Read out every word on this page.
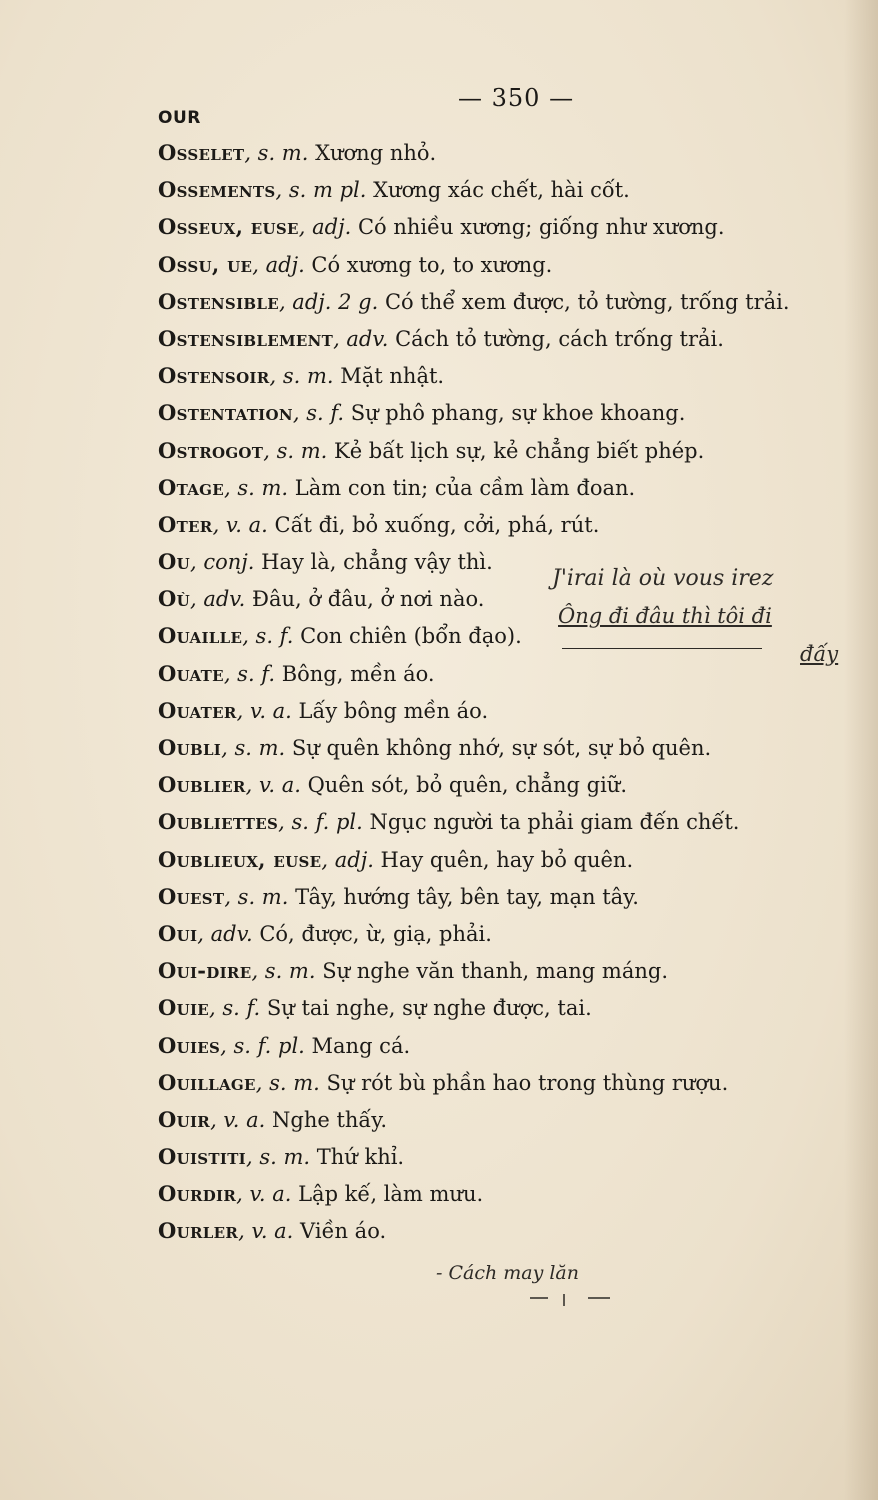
OUR
— 350 —
Osselet, s. m. Xương nhỏ.
Ossements, s. m pl. Xương xác chết, hài cốt.
Osseux, euse, adj. Có nhiều xương; giống như xương.
Ossu, ue, adj. Có xương to, to xương.
Ostensible, adj. 2 g. Có thể xem được, tỏ tường, trống trải.
Ostensiblement, adv. Cách tỏ tường, cách trống trải.
Ostensoir, s. m. Mặt nhật.
Ostentation, s. f. Sự phô phang, sự khoe khoang.
Ostrogot, s. m. Kẻ bất lịch sự, kẻ chẳng biết phép.
Otage, s. m. Làm con tin; của cầm làm đoan.
Oter, v. a. Cất đi, bỏ xuống, cởi, phá, rút.
Ou, conj. Hay là, chẳng vậy thì.
Où, adv. Đâu, ở đâu, ở nơi nào.
Ouaille, s. f. Con chiên (bổn đạo).
Ouate, s. f. Bông, mền áo.
Ouater, v. a. Lấy bông mền áo.
Oubli, s. m. Sự quên không nhớ, sự sót, sự bỏ quên.
Oublier, v. a. Quên sót, bỏ quên, chẳng giữ.
Oubliettes, s. f. pl. Ngục người ta phải giam đến chết.
Oublieux, euse, adj. Hay quên, hay bỏ quên.
Ouest, s. m. Tây, hướng tây, bên tay, mạn tây.
Oui, adv. Có, được, ừ, giạ, phải.
Oui-dire, s. m. Sự nghe văn thanh, mang máng.
Ouie, s. f. Sự tai nghe, sự nghe được, tai.
Ouies, s. f. pl. Mang cá.
Ouillage, s. m. Sự rót bù phần hao trong thùng rượu.
Ouir, v. a. Nghe thấy.
Ouistiti, s. m. Thứ khỉ.
Ourdir, v. a. Lập kế, làm mưu.
Ourler, v. a. Viền áo.
J'irai là où vous irez
Ông đi đâu thì tôi đi
đấy
- Cách may lăn
